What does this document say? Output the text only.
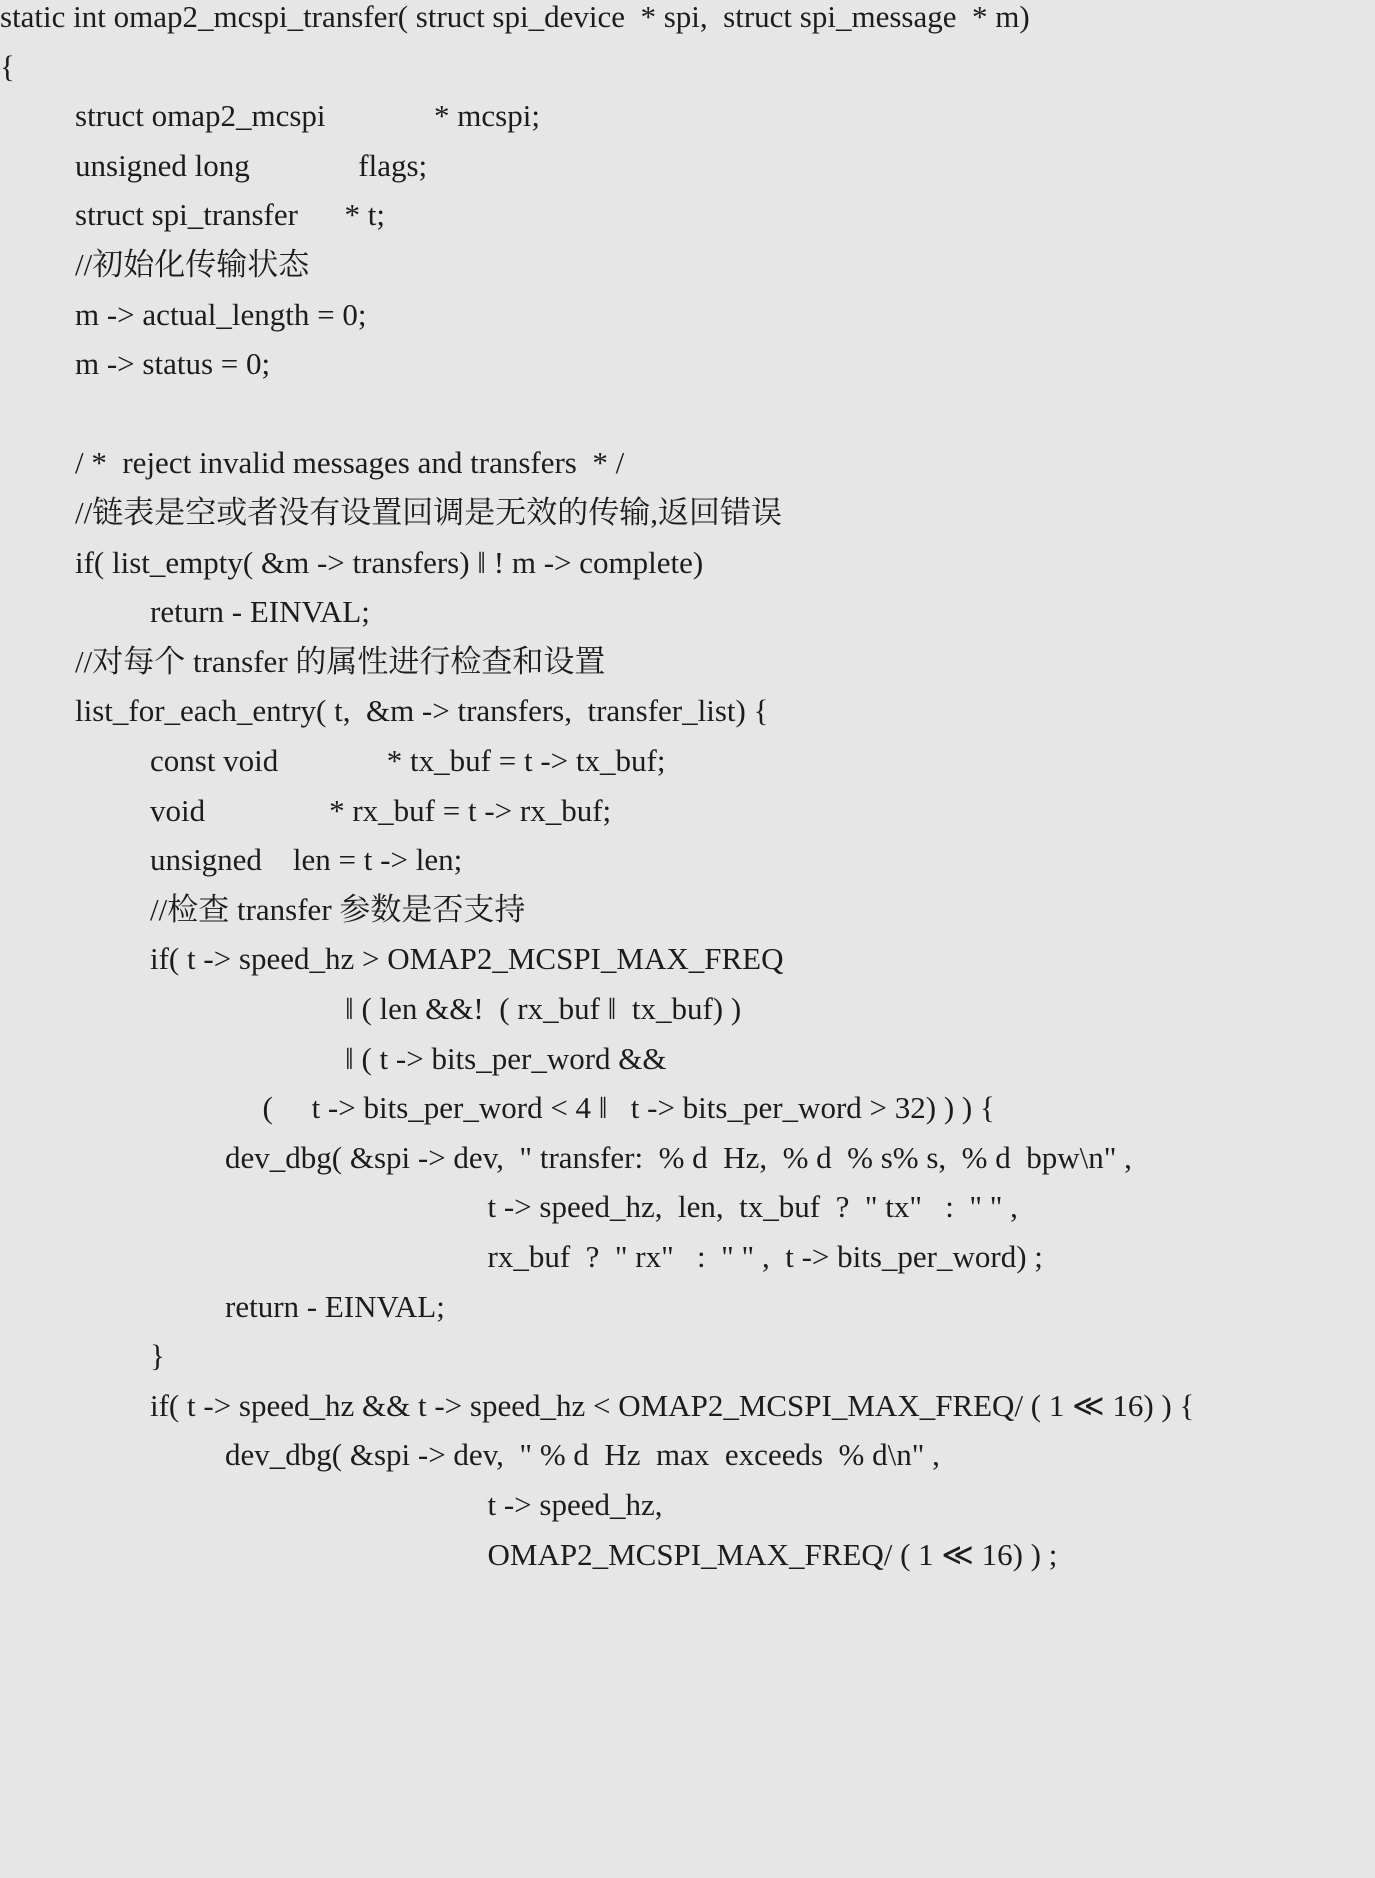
static int omap2_mcspi_transfer( struct spi_device  * spi,  struct spi_message  * m)
{
struct omap2_mcspi              * mcspi;
unsigned long              flags;
struct spi_transfer      * t;
//初始化传输状态
m -> actual_length = 0;
m -> status = 0;
/ *  reject invalid messages and transfers  * /
//链表是空或者没有设置回调是无效的传输,返回错误
if( list_empty( &m -> transfers) ‖ ! m -> complete)
return - EINVAL;
//对每个 transfer 的属性进行检查和设置
list_for_each_entry( t,  &m -> transfers,  transfer_list) {
const void              * tx_buf = t -> tx_buf;
void                * rx_buf = t -> rx_buf;
unsigned    len = t -> len;
//检查 transfer 参数是否支持
if( t -> speed_hz > OMAP2_MCSPI_MAX_FREQ
‖ ( len &&!  ( rx_buf ‖  tx_buf) )
‖ ( t -> bits_per_word &&
(     t -> bits_per_word < 4 ‖   t -> bits_per_word > 32) ) ) {
dev_dbg( &spi -> dev,  " transfer:  % d  Hz,  % d  % s% s,  % d  bpw\n" ,
t -> speed_hz,  len,  tx_buf  ?  " tx"   :  " " ,
rx_buf  ?  " rx"   :  " " ,  t -> bits_per_word) ;
return - EINVAL;
}
if( t -> speed_hz && t -> speed_hz < OMAP2_MCSPI_MAX_FREQ/ ( 1 ≪ 16) ) {
dev_dbg( &spi -> dev,  " % d  Hz  max  exceeds  % d\n" ,
t -> speed_hz,
OMAP2_MCSPI_MAX_FREQ/ ( 1 ≪ 16) ) ;
